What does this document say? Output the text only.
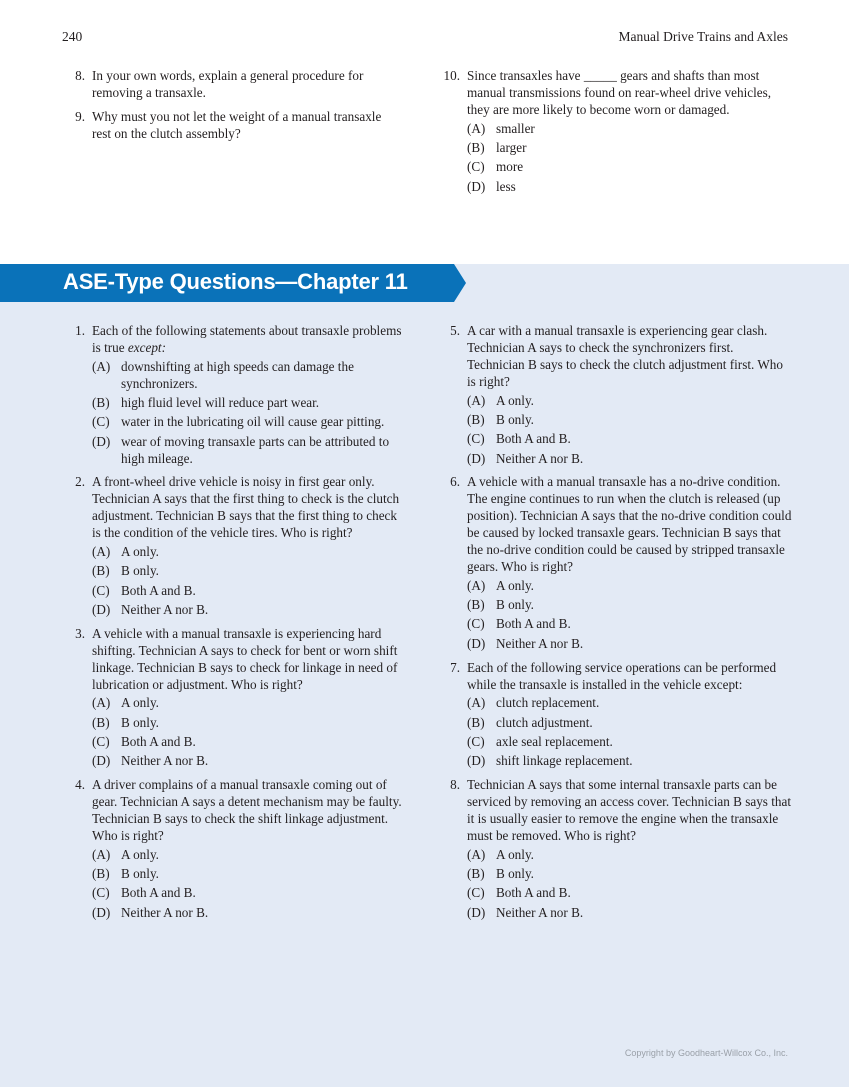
240	Manual Drive Trains and Axles
8. In your own words, explain a general procedure for removing a transaxle.
9. Why must you not let the weight of a manual transaxle rest on the clutch assembly?
10. Since transaxles have _____ gears and shafts than most manual transmissions found on rear-wheel drive vehicles, they are more likely to become worn or damaged.
(A) smaller
(B) larger
(C) more
(D) less
ASE-Type Questions—Chapter 11
1. Each of the following statements about transaxle problems is true except:
(A) downshifting at high speeds can damage the synchronizers.
(B) high fluid level will reduce part wear.
(C) water in the lubricating oil will cause gear pitting.
(D) wear of moving transaxle parts can be attributed to high mileage.
2. A front-wheel drive vehicle is noisy in first gear only. Technician A says that the first thing to check is the clutch adjustment. Technician B says that the first thing to check is the condition of the vehicle tires. Who is right?
(A) A only.
(B) B only.
(C) Both A and B.
(D) Neither A nor B.
3. A vehicle with a manual transaxle is experiencing hard shifting. Technician A says to check for bent or worn shift linkage. Technician B says to check for linkage in need of lubrication or adjustment. Who is right?
(A) A only.
(B) B only.
(C) Both A and B.
(D) Neither A nor B.
4. A driver complains of a manual transaxle coming out of gear. Technician A says a detent mechanism may be faulty. Technician B says to check the shift linkage adjustment. Who is right?
(A) A only.
(B) B only.
(C) Both A and B.
(D) Neither A nor B.
5. A car with a manual transaxle is experiencing gear clash. Technician A says to check the synchronizers first. Technician B says to check the clutch adjustment first. Who is right?
(A) A only.
(B) B only.
(C) Both A and B.
(D) Neither A nor B.
6. A vehicle with a manual transaxle has a no-drive condition. The engine continues to run when the clutch is released (up position). Technician A says that the no-drive condition could be caused by locked transaxle gears. Technician B says that the no-drive condition could be caused by stripped transaxle gears. Who is right?
(A) A only.
(B) B only.
(C) Both A and B.
(D) Neither A nor B.
7. Each of the following service operations can be performed while the transaxle is installed in the vehicle except:
(A) clutch replacement.
(B) clutch adjustment.
(C) axle seal replacement.
(D) shift linkage replacement.
8. Technician A says that some internal transaxle parts can be serviced by removing an access cover. Technician B says that it is usually easier to remove the engine when the transaxle must be removed. Who is right?
(A) A only.
(B) B only.
(C) Both A and B.
(D) Neither A nor B.
Copyright by Goodheart-Willcox Co., Inc.
